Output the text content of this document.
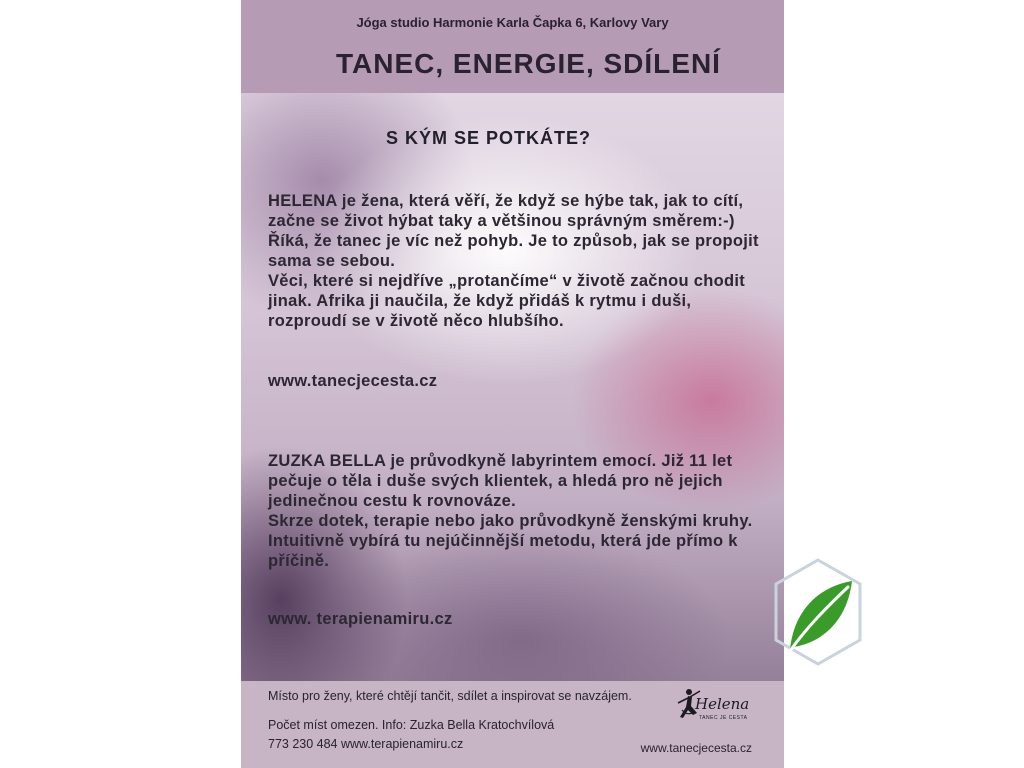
Jóga studio Harmonie Karla Čapka 6, Karlovy Vary
TANEC, ENERGIE, SDÍLENÍ
S KÝM SE POTKÁTE?

HELENA je žena, která věří, že když se hýbe tak, jak to cítí, začne se život hýbat taky a většinou správným směrem:-)

Říká, že tanec je víc než pohyb. Je to způsob, jak se propojit sama se sebou.

Věci, které si nejdříve „protančíme“ v životě začnou chodit jinak. Afrika ji naučila, že když přidáš k rytmu i duši, rozproudí se v životě něco hlubšího.

www.tanecjecesta.cz

ZUZKA BELLA je průvodkyně labyrintem emocí. Již 11 let pečuje o těla i duše svých klientek, a hledá pro ně jejich jedinečnou cestu k rovnováze.

Skrze dotek, terapie nebo jako průvodkyně ženskými kruhy.

Intuitivně vybírá tu nejúčinnější metodu, která jde přímo k příčině.

www. terapienamiru.cz
Místo pro ženy, které chtějí tančit, sdílet a inspirovat se navzájem.
Počet míst omezen. Info: Zuzka Bella Kratochvílová
773 230 484 www.terapienamiru.cz	www.tanecjecesta.cz
Helena
TANEC JE CESTA
